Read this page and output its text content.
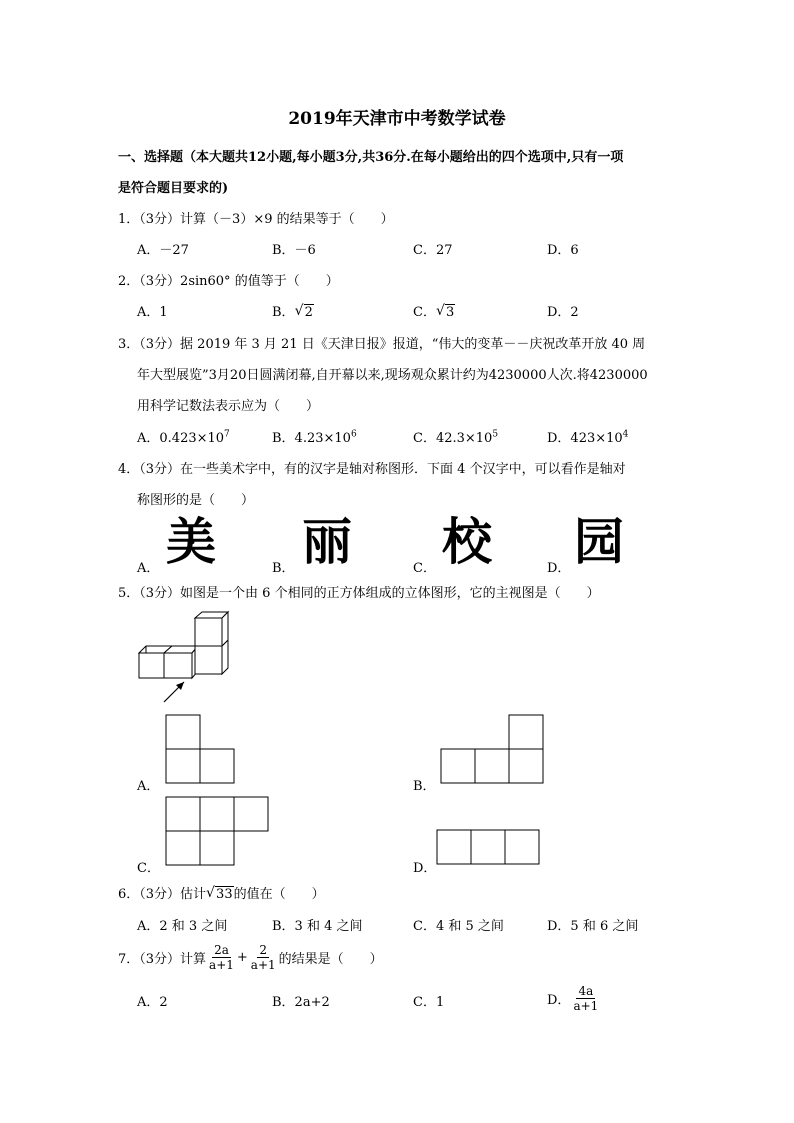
2019年天津市中考数学试卷
一、选择题（本大题共12小题,每小题3分,共36分.在每小题给出的四个选项中,只有一项
是符合题目要求的)
1．（3分）计算（－3）×9 的结果等于（　　）
A．－27	B．－6	C．27	D．6
2．（3分）2sin60° 的值等于（　　）
A．1	B． √ 2	C． √ 3	D．2
3．（3分）据 2019 年 3 月 21 日《天津日报》报道，“伟大的变革－－庆祝改革开放 40 周
年大型展览”3月20日圆满闭幕,自开幕以来,现场观众累计约为4230000人次.将4230000
用科学记数法表示应为（　　）
A．$0.423\times 10^7$	B．$4.23\times 10^6$	C．$42.3\times 10^5$	D．$423\times 10^4$
4．（3分）在一些美术字中，有的汉字是轴对称图形．下面 4 个汉字中，可以看作是轴对
称图形的是（　　）
A． 美	B． 丽	C． 校	D． 园
5．（3分）如图是一个由 6 个相同的正方体组成的立体图形，它的主视图是（　　）
A．	B．
C．	D．
6．（3分）估计 √ 33的值在（　　）
A．2 和 3 之间	B．3 和 4 之间	C．4 和 5 之间	D．5 和 6 之间
7．（3分）计算 $\frac{2a}{a+1} + \frac{2}{a+1}$ 的结果是（　　）
A．2	B．2a+2	C．1	D． $\frac{4a}{a+1}$
